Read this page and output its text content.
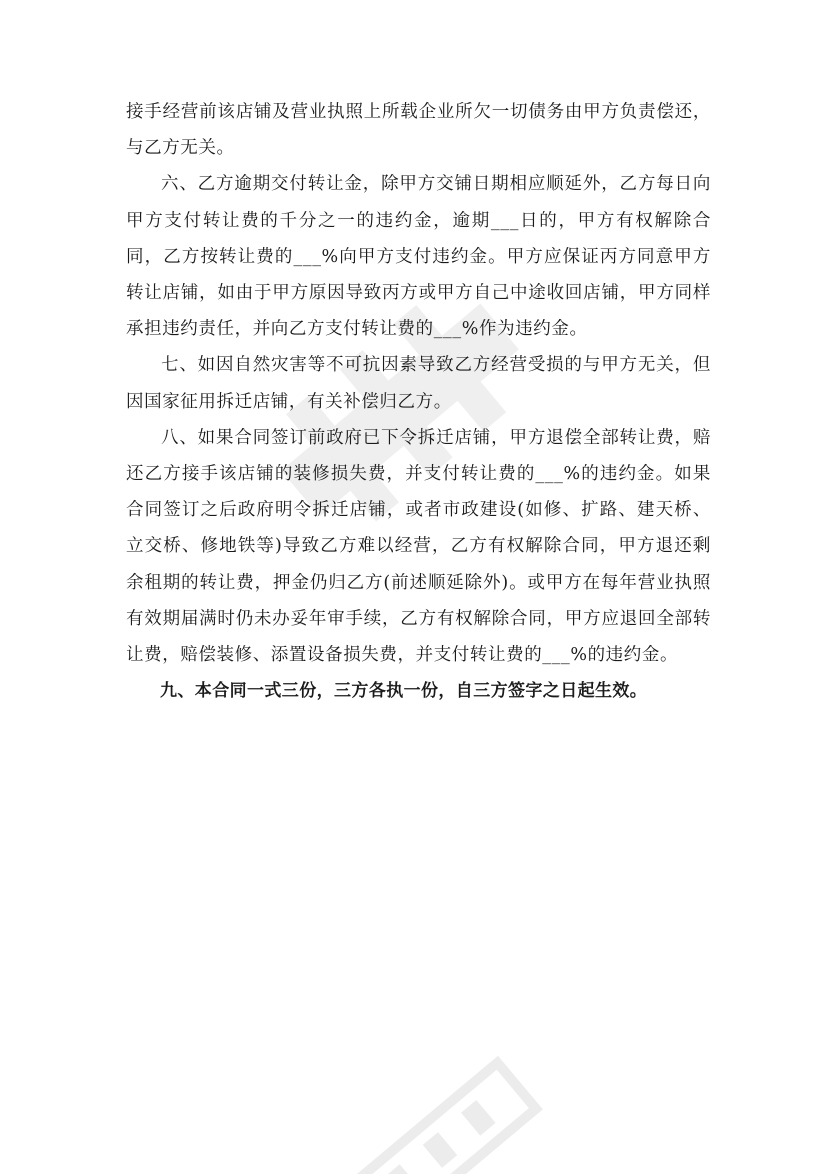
接手经营前该店铺及营业执照上所载企业所欠一切债务由甲方负责偿还，与乙方无关。

六、乙方逾期交付转让金，除甲方交铺日期相应顺延外，乙方每日向甲方支付转让费的千分之一的违约金，逾期___日的，甲方有权解除合同，乙方按转让费的___%向甲方支付违约金。甲方应保证丙方同意甲方转让店铺，如由于甲方原因导致丙方或甲方自己中途收回店铺，甲方同样承担违约责任，并向乙方支付转让费的___%作为违约金。

七、如因自然灾害等不可抗因素导致乙方经营受损的与甲方无关，但因国家征用拆迁店铺，有关补偿归乙方。

八、如果合同签订前政府已下令拆迁店铺，甲方退偿全部转让费，赔还乙方接手该店铺的装修损失费，并支付转让费的___%的违约金。如果合同签订之后政府明令拆迁店铺，或者市政建设(如修、扩路、建天桥、立交桥、修地铁等)导致乙方难以经营，乙方有权解除合同，甲方退还剩余租期的转让费，押金仍归乙方(前述顺延除外)。或甲方在每年营业执照有效期届满时仍未办妥年审手续，乙方有权解除合同，甲方应退回全部转让费，赔偿装修、添置设备损失费，并支付转让费的___%的违约金。

九、本合同一式三份，三方各执一份，自三方签字之日起生效。
